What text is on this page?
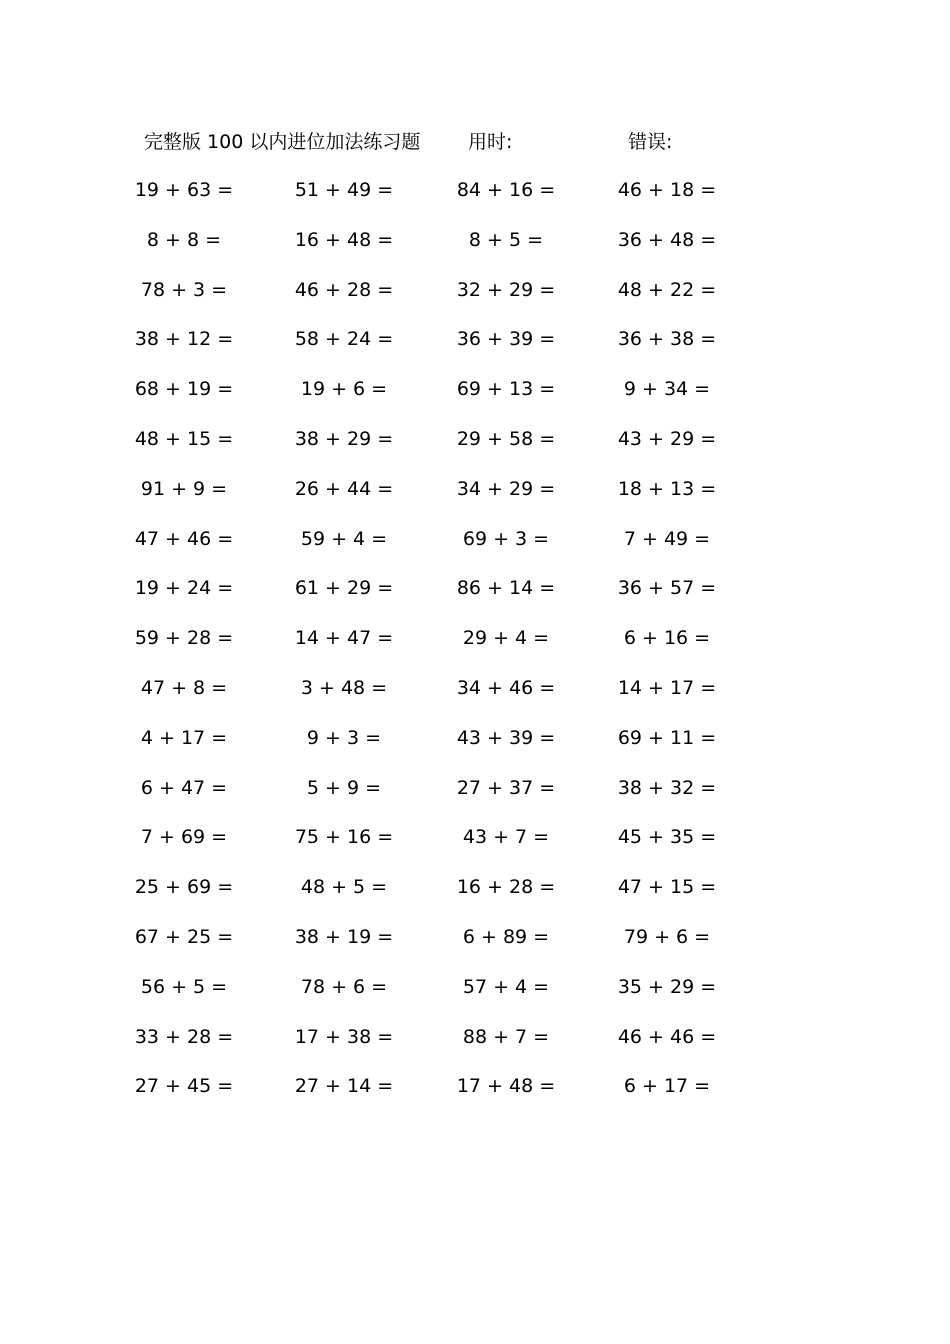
完整版 100 以内进位加法练习题	用时:	错误:
19 + 63 =	51 + 49 =	84 + 16 =	46 + 18 =
8 + 8 =	16 + 48 =	8 + 5 =	36 + 48 =
78 + 3 =	46 + 28 =	32 + 29 =	48 + 22 =
38 + 12 =	58 + 24 =	36 + 39 =	36 + 38 =
68 + 19 =	19 + 6 =	69 + 13 =	9 + 34 =
48 + 15 =	38 + 29 =	29 + 58 =	43 + 29 =
91 + 9 =	26 + 44 =	34 + 29 =	18 + 13 =
47 + 46 =	59 + 4 =	69 + 3 =	7 + 49 =
19 + 24 =	61 + 29 =	86 + 14 =	36 + 57 =
59 + 28 =	14 + 47 =	29 + 4 =	6 + 16 =
47 + 8 =	3 + 48 =	34 + 46 =	14 + 17 =
4 + 17 =	9 + 3 =	43 + 39 =	69 + 11 =
6 + 47 =	5 + 9 =	27 + 37 =	38 + 32 =
7 + 69 =	75 + 16 =	43 + 7 =	45 + 35 =
25 + 69 =	48 + 5 =	16 + 28 =	47 + 15 =
67 + 25 =	38 + 19 =	6 + 89 =	79 + 6 =
56 + 5 =	78 + 6 =	57 + 4 =	35 + 29 =
33 + 28 =	17 + 38 =	88 + 7 =	46 + 46 =
27 + 45 =	27 + 14 =	17 + 48 =	6 + 17 =
